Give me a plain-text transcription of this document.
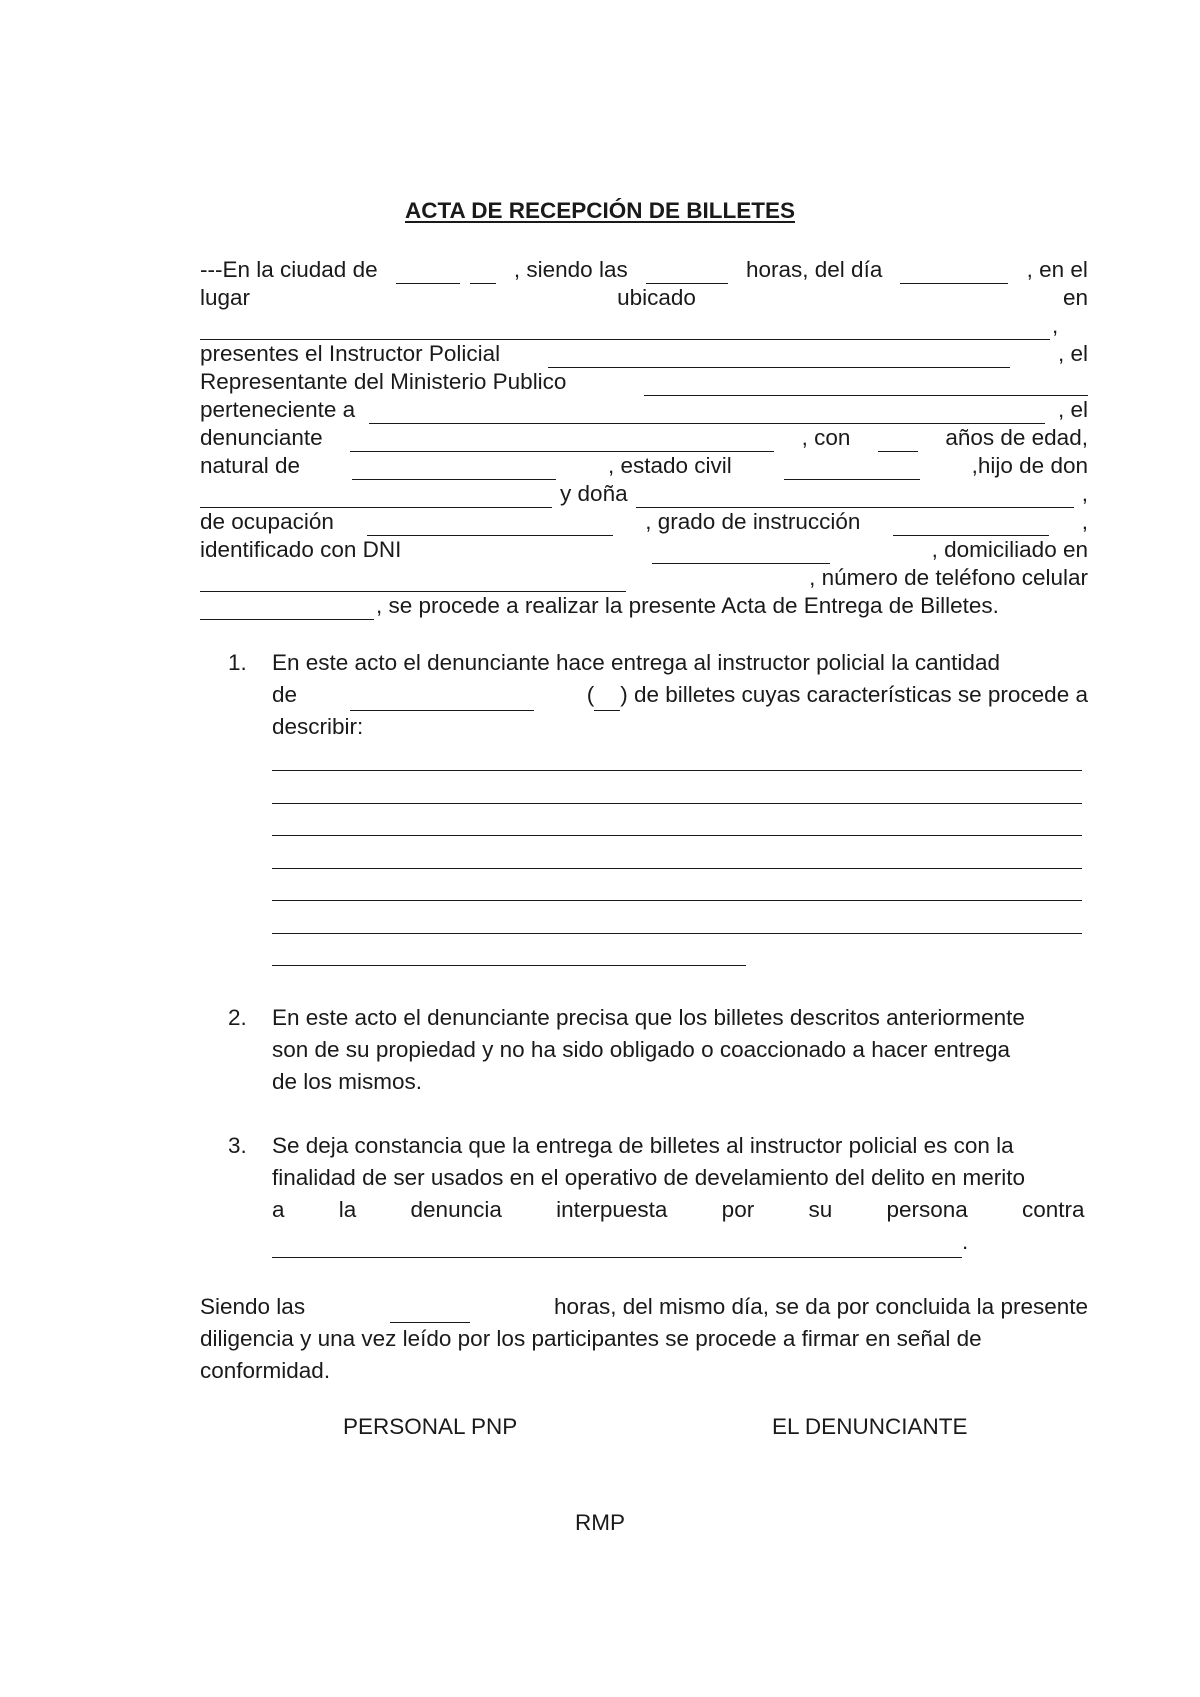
ACTA DE RECEPCIÓN DE BILLETES
---En la ciudad de	, siendo las	horas, del día	, en el
lugar	ubicado	en
,
presentes el Instructor Policial	, el
Representante del Ministerio Publico
perteneciente a	, el
denunciante	, con	años de edad,
natural de	, estado civil	,hijo de don
y doña	,
de ocupación	, grado de instrucción	,
identificado con DNI	, domiciliado en
, número de teléfono celular
, se procede a realizar la presente Acta de Entrega de Billetes.
1.	En este acto el denunciante hace entrega al instructor policial la cantidad
de	( ) de billetes cuyas características se procede a
describir:
2.	En este acto el denunciante precisa que los billetes descritos anteriormente
son de su propiedad y no ha sido obligado o coaccionado a hacer entrega
de los mismos.
3.	Se deja constancia que la entrega de billetes al instructor policial es con la
finalidad de ser usados en el operativo de develamiento del delito en merito
a la denuncia interpuesta por su persona contra
.
Siendo las	horas, del mismo día, se da por concluida la presente
diligencia y una vez leído por los participantes se procede a firmar en señal de
conformidad.
PERSONAL PNP	EL DENUNCIANTE
RMP
